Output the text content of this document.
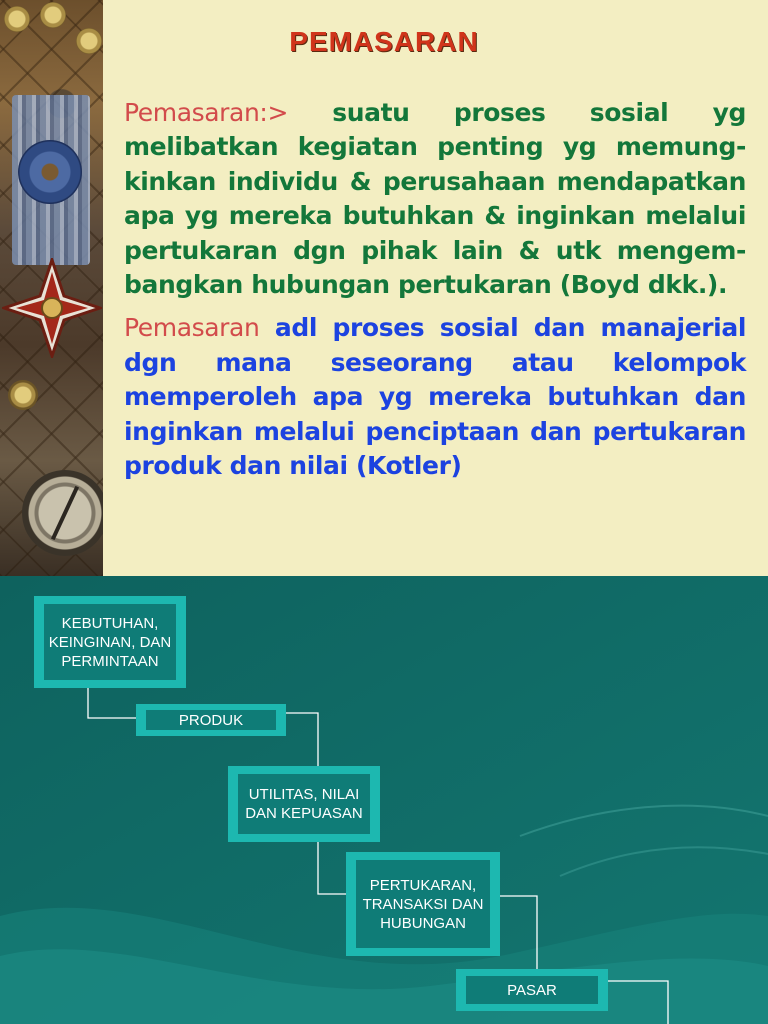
PEMASARAN

Pemasaran:> suatu proses sosial yg melibatkan kegiatan penting yg memung-kinkan individu & perusahaan mendapatkan apa yg mereka butuhkan & inginkan melalui pertukaran dgn pihak lain & utk mengem-bangkan hubungan pertukaran (Boyd dkk.).

Pemasaran adl proses sosial dan manajerial dgn mana seseorang atau kelompok memperoleh apa yg mereka butuhkan dan inginkan melalui penciptaan dan pertukaran produk dan nilai (Kotler)

KEBUTUHAN, KEINGINAN, DAN PERMINTAAN
PRODUK
UTILITAS, NILAI DAN KEPUASAN
PERTUKARAN, TRANSAKSI DAN HUBUNGAN
PASAR
